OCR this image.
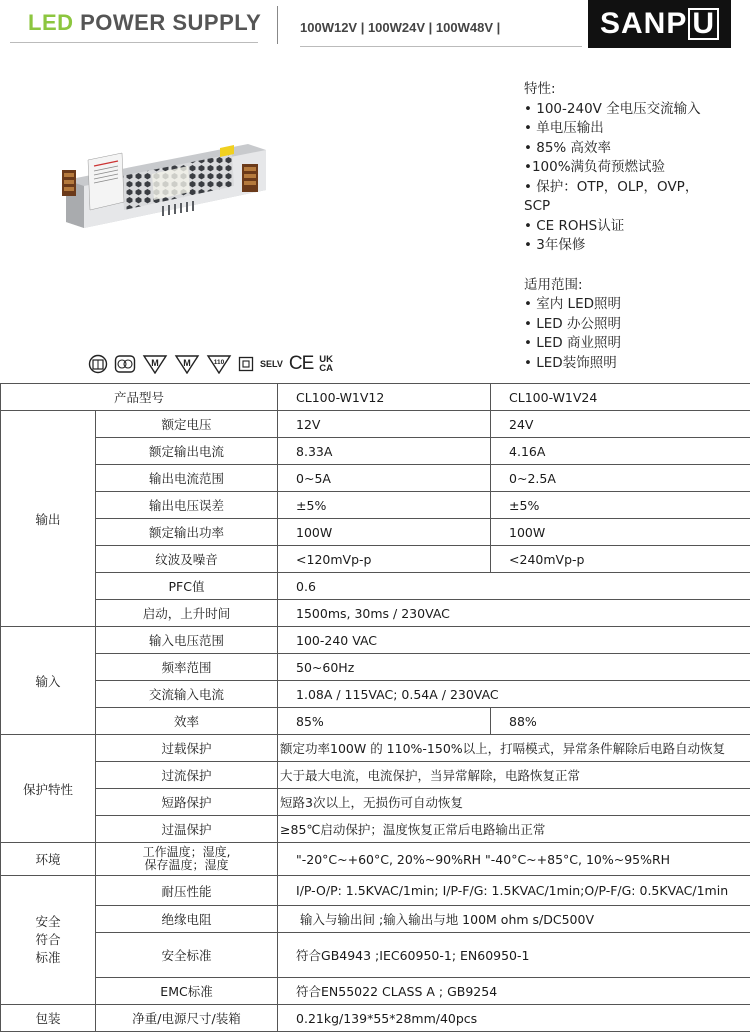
LED POWER SUPPLY	100W12V | 100W24V | 100W48V |	SANP U
特性:
• 100-240V 全电压交流输入
• 单电压输出
• 85% 高效率
•100%满负荷预燃试验
• 保护：OTP，OLP，OVP，
SCP
• CE ROHS认证
• 3年保修
适用范围:
• 室内 LED照明
• LED 办公照明
• LED 商业照明
• LED装饰照明
M	M	110	SELV CE UK
CA
产品型号		CL100-W1V12	CL100-W1V24
输出	额定电压	12V	24V
	额定输出电流	8.33A	4.16A
	输出电流范围	0~5A	0~2.5A
	输出电压误差	±5%	±5%
	额定输出功率	100W	100W
	纹波及噪音	<120mVp-p	<240mVp-p
	PFC值	0.6	
	启动，上升时间	1500ms, 30ms / 230VAC	
输入	输入电压范围	100-240 VAC	
	频率范围	50~60Hz	
	交流输入电流	1.08A / 115VAC; 0.54A / 230VAC	
	效率	85%	88%
保护特性	过载保护	额定功率100W 的 110%-150%以上，打嗝模式，异常条件解除后电路自动恢复	
	过流保护	大于最大电流，电流保护，当异常解除，电路恢复正常	
	短路保护	短路3次以上，无损伤可自动恢复	
	过温保护	≥85℃启动保护；温度恢复正常后电路输出正常	
环境	工作温度；湿度,
保存温度；湿度	"-20°C~+60°C, 20%~90%RH "-40°C~+85°C, 10%~95%RH	

安全
符合
标准	耐压性能	I/P-O/P: 1.5KVAC/1min; I/P-F/G: 1.5KVAC/1min;O/P-F/G: 0.5KVAC/1min	
	绝缘电阻	输入与输出间 ;输入输出与地 100M ohm s/DC500V	
	安全标准	符合GB4943 ;IEC60950-1; EN60950-1	
	EMC标准	符合EN55022 CLASS A ; GB9254	
包装	净重/电源尺寸/装箱	0.21kg/139*55*28mm/40pcs	
